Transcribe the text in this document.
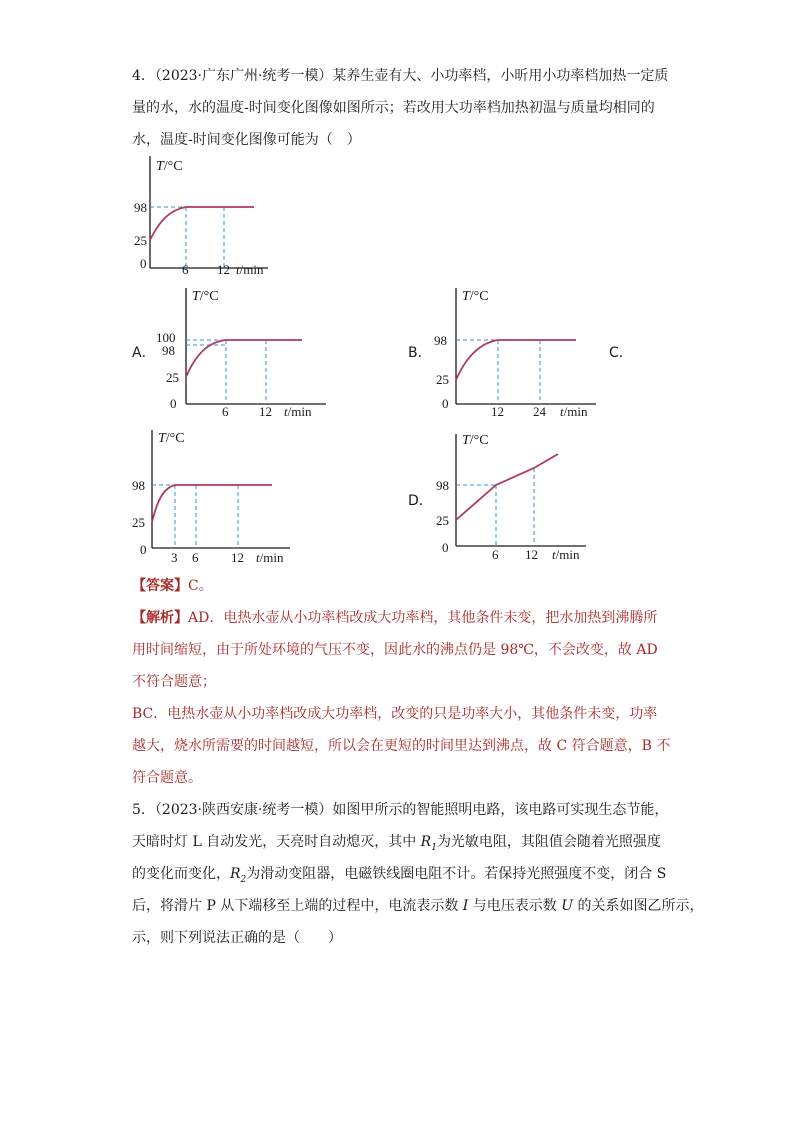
4．（2023·广东广州·统考一模）某养生壶有大、小功率档，小昕用小功率档加热一定质
量的水，水的温度-时间变化图像如图所示；若改用大功率档加热初温与质量均相同的
水，温度-时间变化图像可能为（　）
T/°C
98
25
0	6 12 t/min
A．
T/°C
100
98
25
0
6 12 t/min
B．
T/°C
98
25
0
12 24 t/min
C．
T/°C
98
25
0
3 6	12 t/min
D．
T/°C
98
25
0	6 12 t/min
【答案】C。
【解析】AD．电热水壶从小功率档改成大功率档，其他条件未变，把水加热到沸腾所
用时间缩短，由于所处环境的气压不变，因此水的沸点仍是 98℃，不会改变，故 AD
不符合题意；
BC．电热水壶从小功率档改成大功率档，改变的只是功率大小，其他条件未变，功率
越大，烧水所需要的时间越短，所以会在更短的时间里达到沸点，故 C 符合题意，B 不
符合题意。
5．（2023·陕西安康·统考一模）如图甲所示的智能照明电路，该电路可实现生态节能，
天暗时灯 L 自动发光，天亮时自动熄灭，其中 $R_1$为光敏电阻，其阻值会随着光照强度
的变化而变化，$R_2$为滑动变阻器，电磁铁线圈电阻不计。若保持光照强度不变，闭合 S
后，将滑片 P 从下端移至上端的过程中，电流表示数 I 与电压表示数 U 的关系如图乙所示，
示，则下列说法正确的是（　　）
